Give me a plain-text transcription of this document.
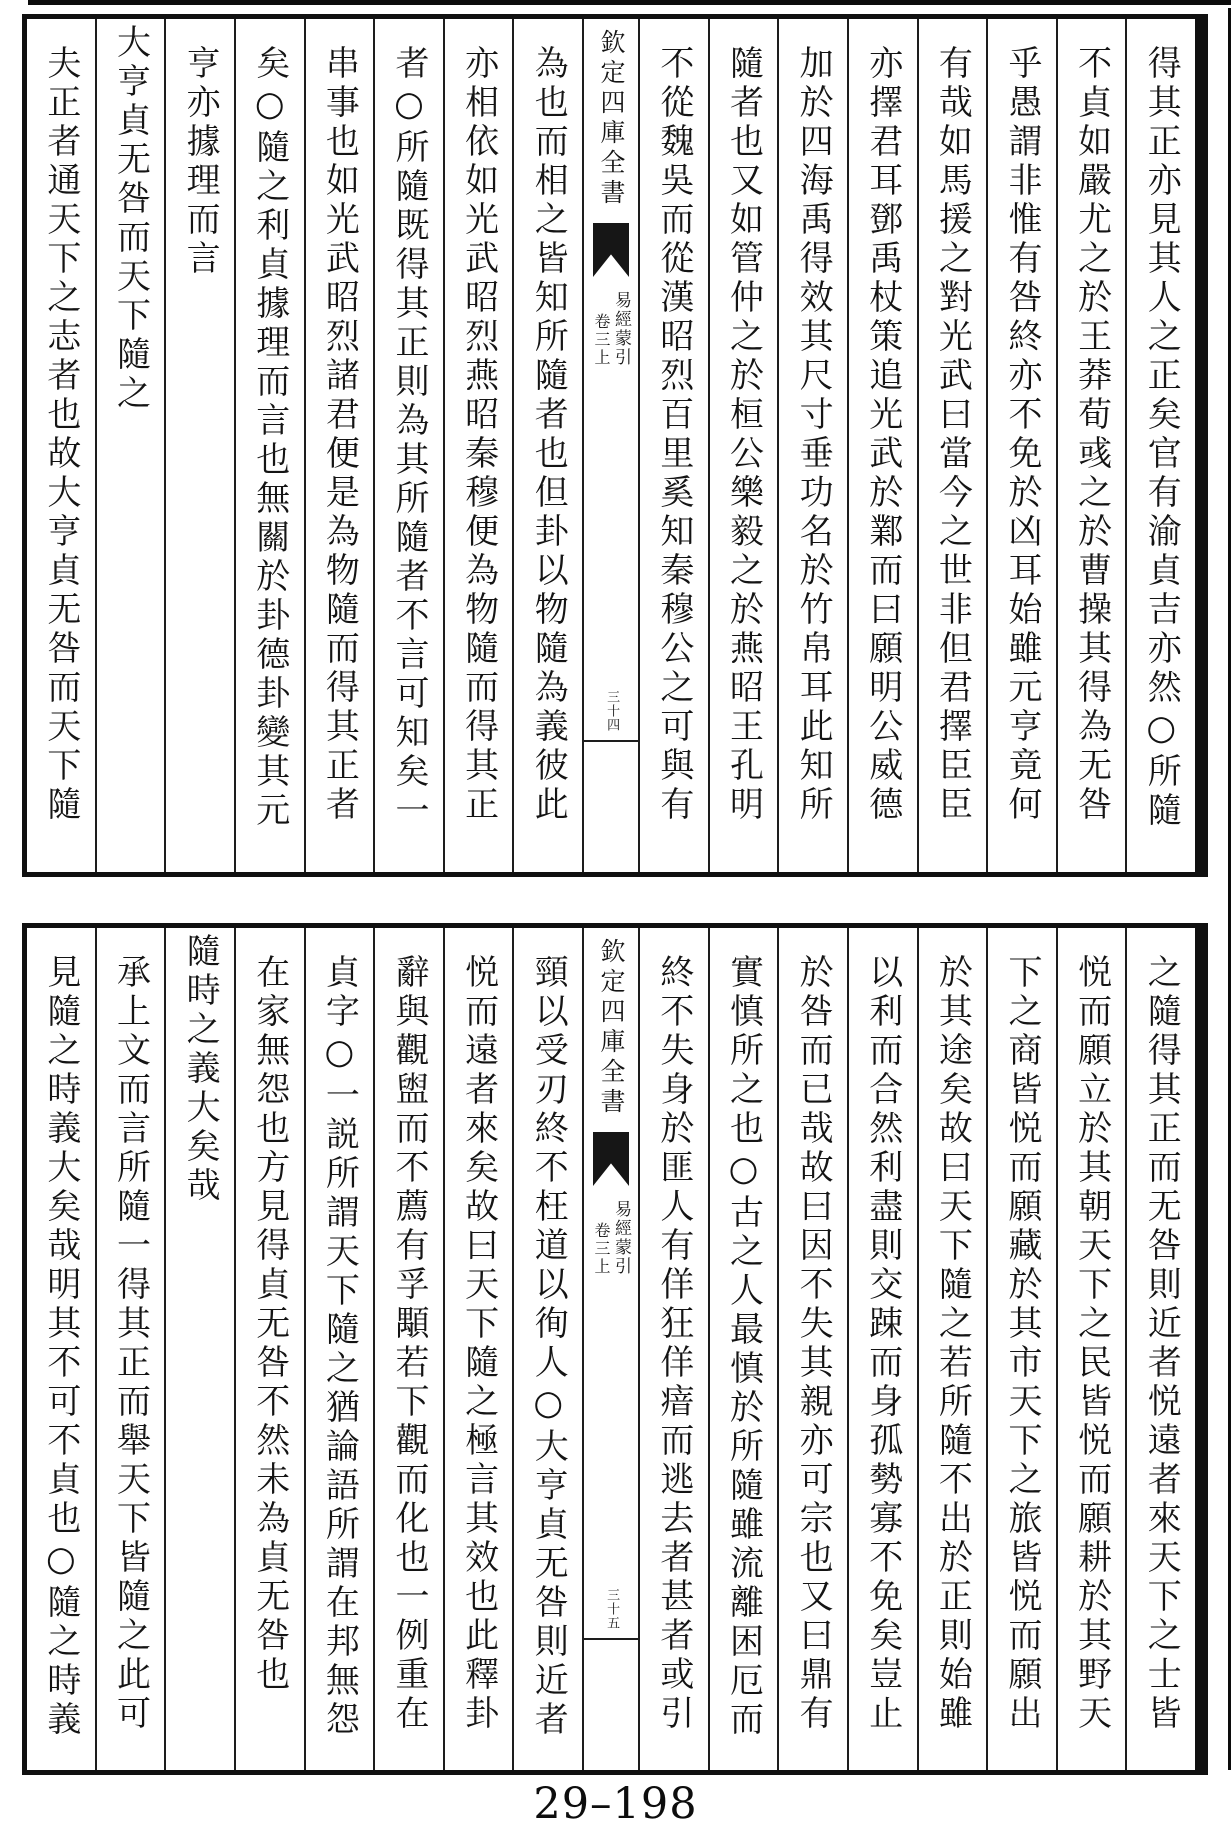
得其正亦見其人之正矣官有渝貞吉亦然○所隨
不貞如嚴尤之於王莽荀彧之於曹操其得為无咎
乎愚謂非惟有咎終亦不免於凶耳始雖元亨竟何
有哉如馬援之對光武曰當今之世非但君擇臣臣
亦擇君耳鄧禹杖策追光武於鄴而曰願明公威德
加於四海禹得效其尺寸垂功名於竹帛耳此知所
隨者也又如管仲之於桓公樂毅之於燕昭王孔明
不從魏吳而從漢昭烈百里奚知秦穆公之可與有
欽定四庫全書
易經蒙引
卷三上
三十四
為也而相之皆知所隨者也但卦以物隨為義彼此
亦相依如光武昭烈燕昭秦穆便為物隨而得其正
者○所隨既得其正則為其所隨者不言可知矣一
串事也如光武昭烈諸君便是為物隨而得其正者
矣○隨之利貞據理而言也無關於卦德卦變其元
亨亦據理而言
大亨貞无咎而天下隨之
夫正者通天下之志者也故大亨貞无咎而天下隨
之隨得其正而无咎則近者悦遠者來天下之士皆
悦而願立於其朝天下之民皆悦而願耕於其野天
下之商皆悦而願藏於其市天下之旅皆悦而願出
於其途矣故曰天下隨之若所隨不出於正則始雖
以利而合然利盡則交踈而身孤勢寡不免矣豈止
於咎而已哉故曰因不失其親亦可宗也又曰鼎有
實慎所之也○古之人最慎於所隨雖流離困厄而
終不失身於匪人有佯狂佯瘖而逃去者甚者或引
欽定四庫全書
易經蒙引
卷三上
三十五
頸以受刃終不枉道以徇人○大亨貞无咎則近者
悦而遠者來矣故曰天下隨之極言其效也此釋卦
辭與觀盥而不薦有孚顒若下觀而化也一例重在
貞字○一説所謂天下隨之猶論語所謂在邦無怨
在家無怨也方見得貞无咎不然未為貞无咎也
隨時之義大矣哉
承上文而言所隨一得其正而舉天下皆隨之此可
見隨之時義大矣哉明其不可不貞也○隨之時義
29–198
